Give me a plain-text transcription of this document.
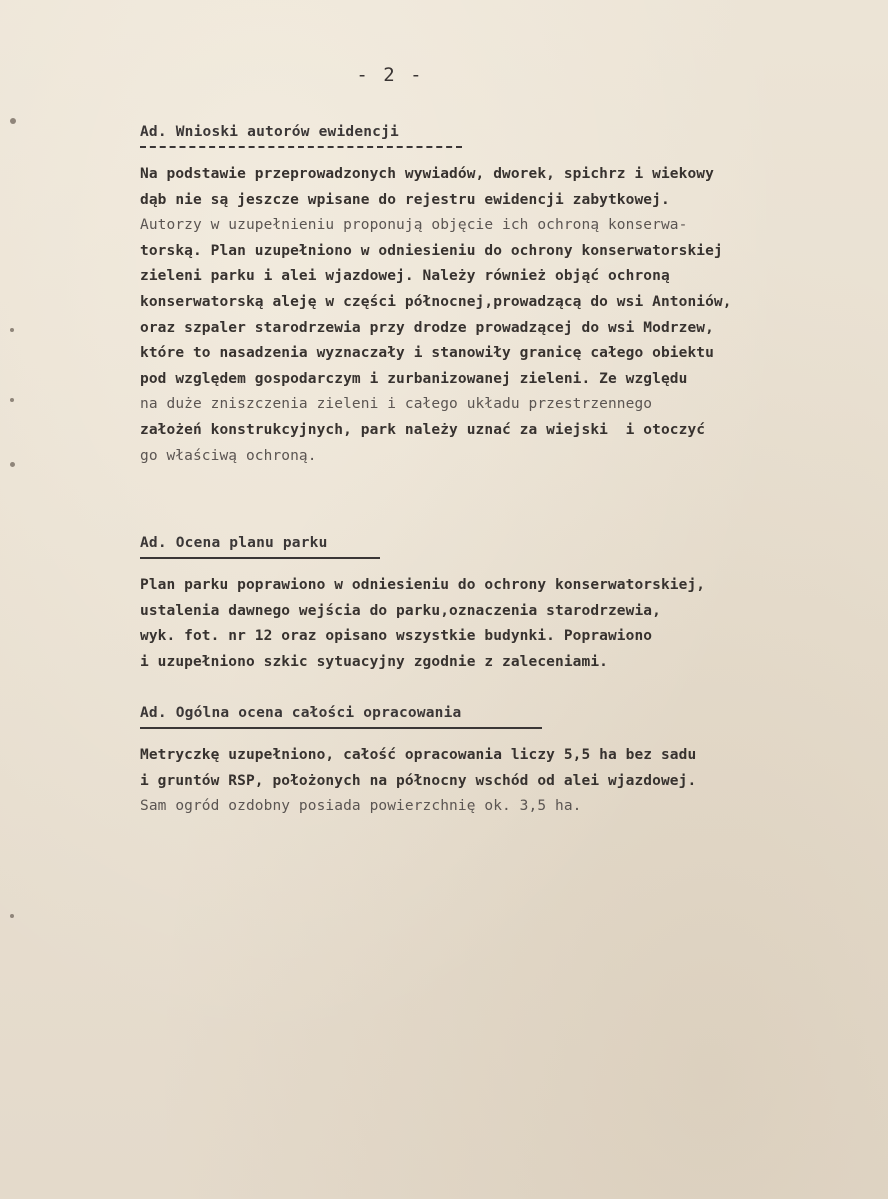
- 2 -
Ad. Wnioski autorów ewidencji
Na podstawie przeprowadzonych wywiadów, dworek, spichrz i wiekowy
dąb nie są jeszcze wpisane do rejestru ewidencji zabytkowej.
Autorzy w uzupełnieniu proponują objęcie ich ochroną konserwa-
torską. Plan uzupełniono w odniesieniu do ochrony konserwatorskiej
zieleni parku i alei wjazdowej. Należy również objąć ochroną
konserwatorską aleję w części północnej,prowadzącą do wsi Antoniów,
oraz szpaler starodrzewia przy drodze prowadzącej do wsi Modrzew,
które to nasadzenia wyznaczały i stanowiły granicę całego obiektu
pod względem gospodarczym i zurbanizowanej zieleni. Ze względu
na duże zniszczenia zieleni i całego układu przestrzennego
założeń konstrukcyjnych, park należy uznać za wiejski  i otoczyć
go właściwą ochroną.
Ad. Ocena planu parku
Plan parku poprawiono w odniesieniu do ochrony konserwatorskiej,
ustalenia dawnego wejścia do parku,oznaczenia starodrzewia,
wyk. fot. nr 12 oraz opisano wszystkie budynki. Poprawiono
i uzupełniono szkic sytuacyjny zgodnie z zaleceniami.
Ad. Ogólna ocena całości opracowania
Metryczkę uzupełniono, całość opracowania liczy 5,5 ha bez sadu
i gruntów RSP, położonych na północny wschód od alei wjazdowej.
Sam ogród ozdobny posiada powierzchnię ok. 3,5 ha.
